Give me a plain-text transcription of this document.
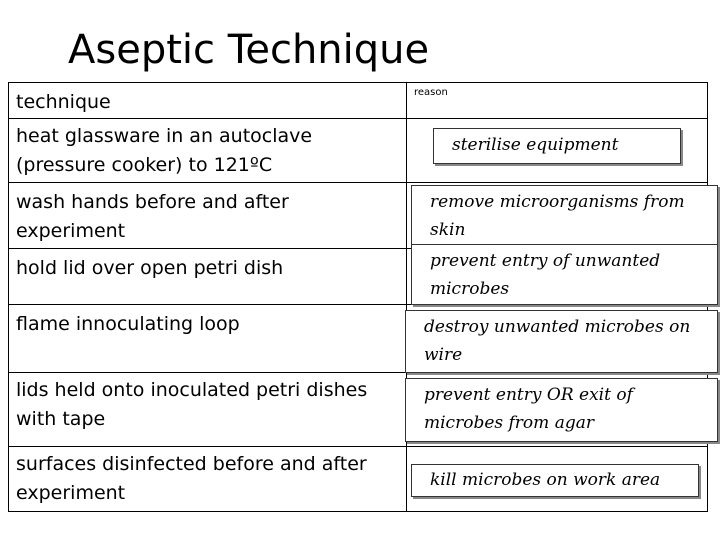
Aseptic Technique
technique	reason
heat glassware in an autoclave (pressure cooker) to 121ºC
wash hands before and after experiment
hold lid over open petri dish
flame innoculating loop
lids held onto inoculated petri dishes with tape
surfaces disinfected before and after experiment
sterilise equipment
remove microorganisms from skin
prevent entry of unwanted microbes
destroy unwanted microbes on wire
prevent entry OR exit of microbes from agar
kill microbes on work area
